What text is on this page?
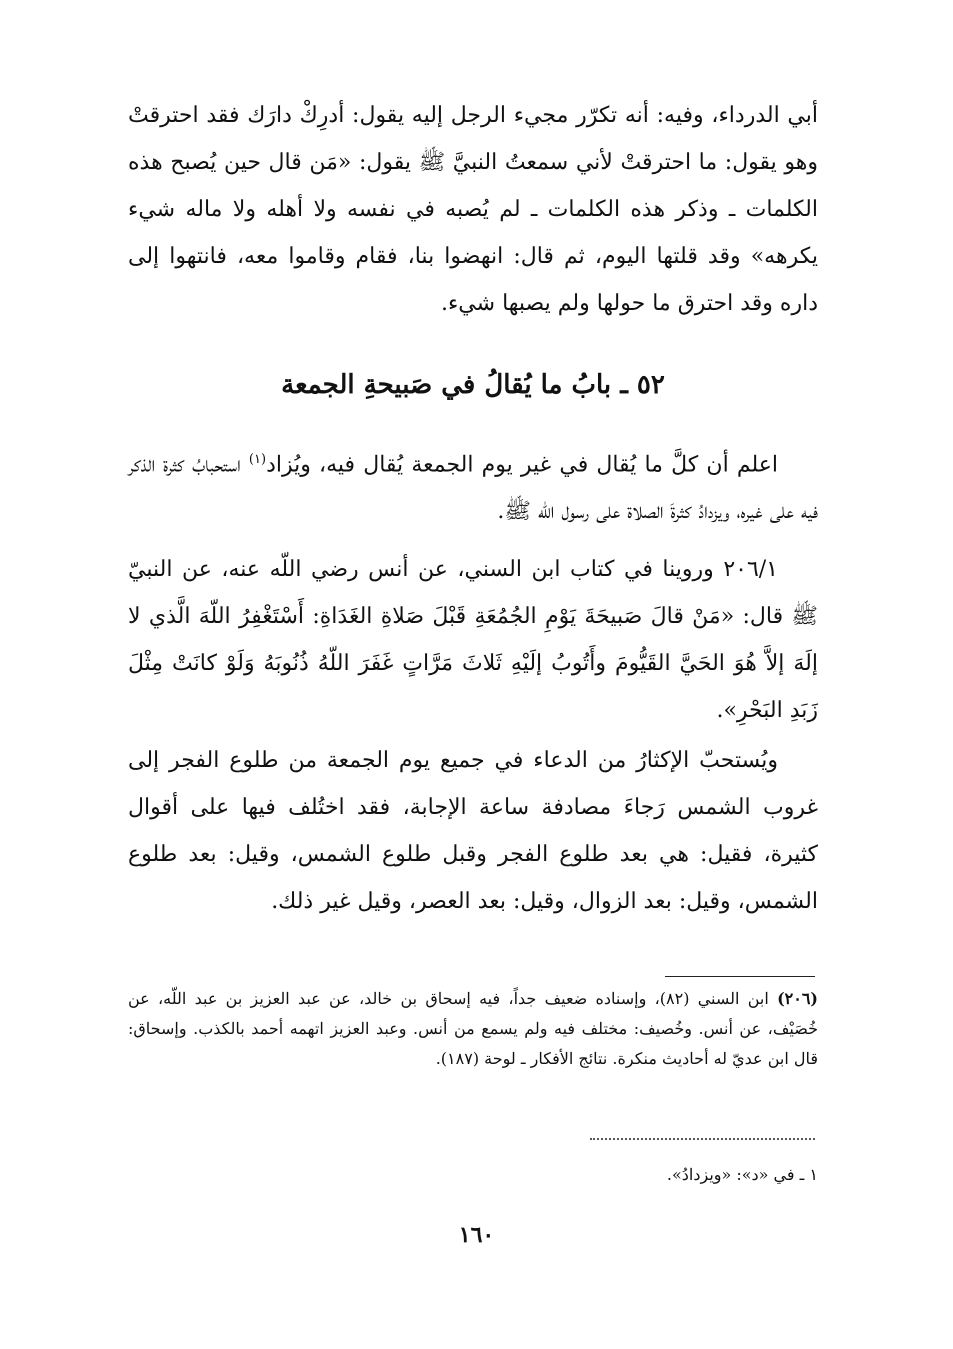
أبي الدرداء، وفيه: أنه تكرّر مجيء الرجل إليه يقول: أدرِكْ دارَك فقد احترقتْ وهو يقول: ما احترقتْ لأني سمعتُ النبيَّ ﷺ يقول: «مَن قال حين يُصبح هذه الكلمات ـ وذكر هذه الكلمات ـ لم يُصبه في نفسه ولا أهله ولا ماله شيء يكرهه» وقد قلتها اليوم، ثم قال: انهضوا بنا، فقام وقاموا معه، فانتهوا إلى داره وقد احترق ما حولها ولم يصبها شيء.

٥٢ ـ بابُ ما يُقالُ في صَبيحةِ الجمعة

اعلم أن كلَّ ما يُقال في غير يوم الجمعة يُقال فيه، ويُزاد$^{(١)}$ استحبابُ كثرة الذكر فيه على غيره، ويزدادُ كثرةَ الصلاة على رسول اللّه ﷺ.

٢٠٦/١ وروينا في كتاب ابن السني، عن أنس رضي اللّه عنه، عن النبيّ ﷺ قال: «مَنْ قالَ صَبيحَةَ يَوْمِ الجُمُعَةِ قَبْلَ صَلاةِ الغَدَاةِ: أَسْتَغْفِرُ اللّهَ الَّذي لا إلَهَ إلاَّ هُوَ الحَيَّ القَيُّومَ وأَتُوبُ إلَيْهِ ثَلاثَ مَرَّاتٍ غَفَرَ اللّهُ ذُنُوبَهُ وَلَوْ كانَتْ مِثْلَ زَبَدِ البَحْرِ».

ويُستحبّ الإكثارُ من الدعاء في جميع يوم الجمعة من طلوع الفجر إلى غروب الشمس رَجاءَ مصادفة ساعة الإجابة، فقد اختُلف فيها على أقوال كثيرة، فقيل: هي بعد طلوع الفجر وقبل طلوع الشمس، وقيل: بعد طلوع الشمس، وقيل: بعد الزوال، وقيل: بعد العصر، وقيل غير ذلك.

(٢٠٦) ابن السني (٨٢)، وإسناده ضعيف جداً، فيه إسحاق بن خالد، عن عبد العزيز بن عبد اللّه، عن خُصَيْف، عن أنس. وخُصيف: مختلف فيه ولم يسمع من أنس. وعبد العزيز اتهمه أحمد بالكذب. وإسحاق: قال ابن عديّ له أحاديث منكرة. نتائج الأفكار ـ لوحة (١٨٧).

١ ـ في «د»: «ويزدادُ».

١٦٠
